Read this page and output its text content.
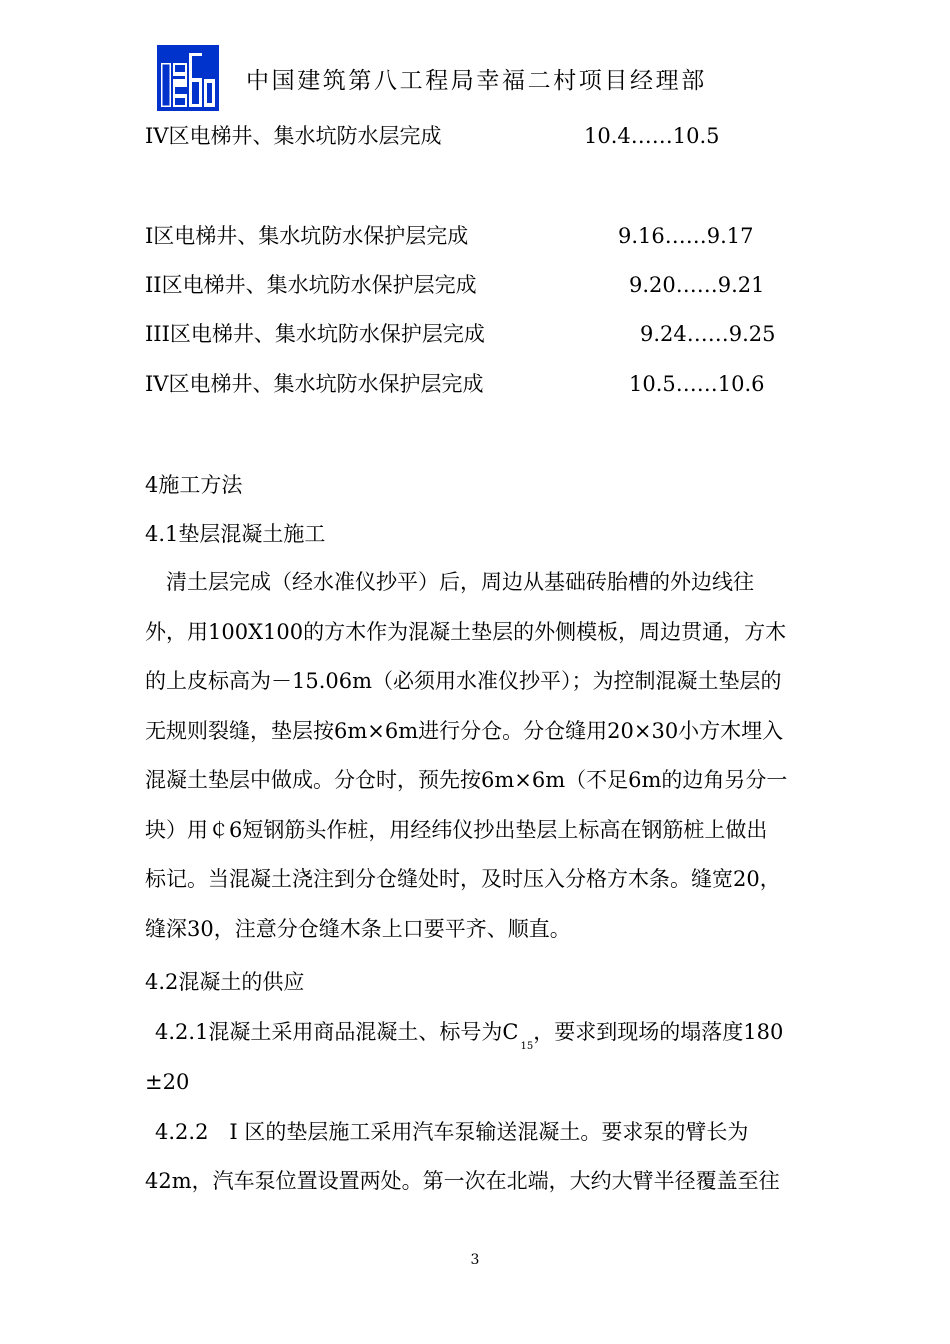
中国建筑第八工程局幸福二村项目经理部
IV区电梯井、集水坑防水层完成	10.4……10.5
I区电梯井、集水坑防水保护层完成	9.16……9.17
II区电梯井、集水坑防水保护层完成	9.20……9.21
III区电梯井、集水坑防水保护层完成	9.24……9.25
IV区电梯井、集水坑防水保护层完成	10.5……10.6
4施工方法
4.1垫层混凝土施工
　清土层完成（经水准仪抄平）后，周边从基础砖胎槽的外边线往
外，用100X100的方木作为混凝土垫层的外侧模板，周边贯通，方木
的上皮标高为－15.06m（必须用水准仪抄平）；为控制混凝土垫层的
无规则裂缝，垫层按6m×6m进行分仓。分仓缝用20×30小方木埋入
混凝土垫层中做成。分仓时，预先按6m×6m（不足6m的边角另分一
块）用￠6短钢筋头作桩，用经纬仪抄出垫层上标高在钢筋桩上做出
标记。当混凝土浇注到分仓缝处时，及时压入分格方木条。缝宽20，
缝深30，注意分仓缝木条上口要平齐、顺直。
4.2混凝土的供应
4.2.1混凝土采用商品混凝土、标号为$C_{15}$，要求到现场的塌落度180
±20
4.2.2　I 区的垫层施工采用汽车泵输送混凝土。要求泵的臂长为
42m，汽车泵位置设置两处。第一次在北端，大约大臂半径覆盖至往
3
